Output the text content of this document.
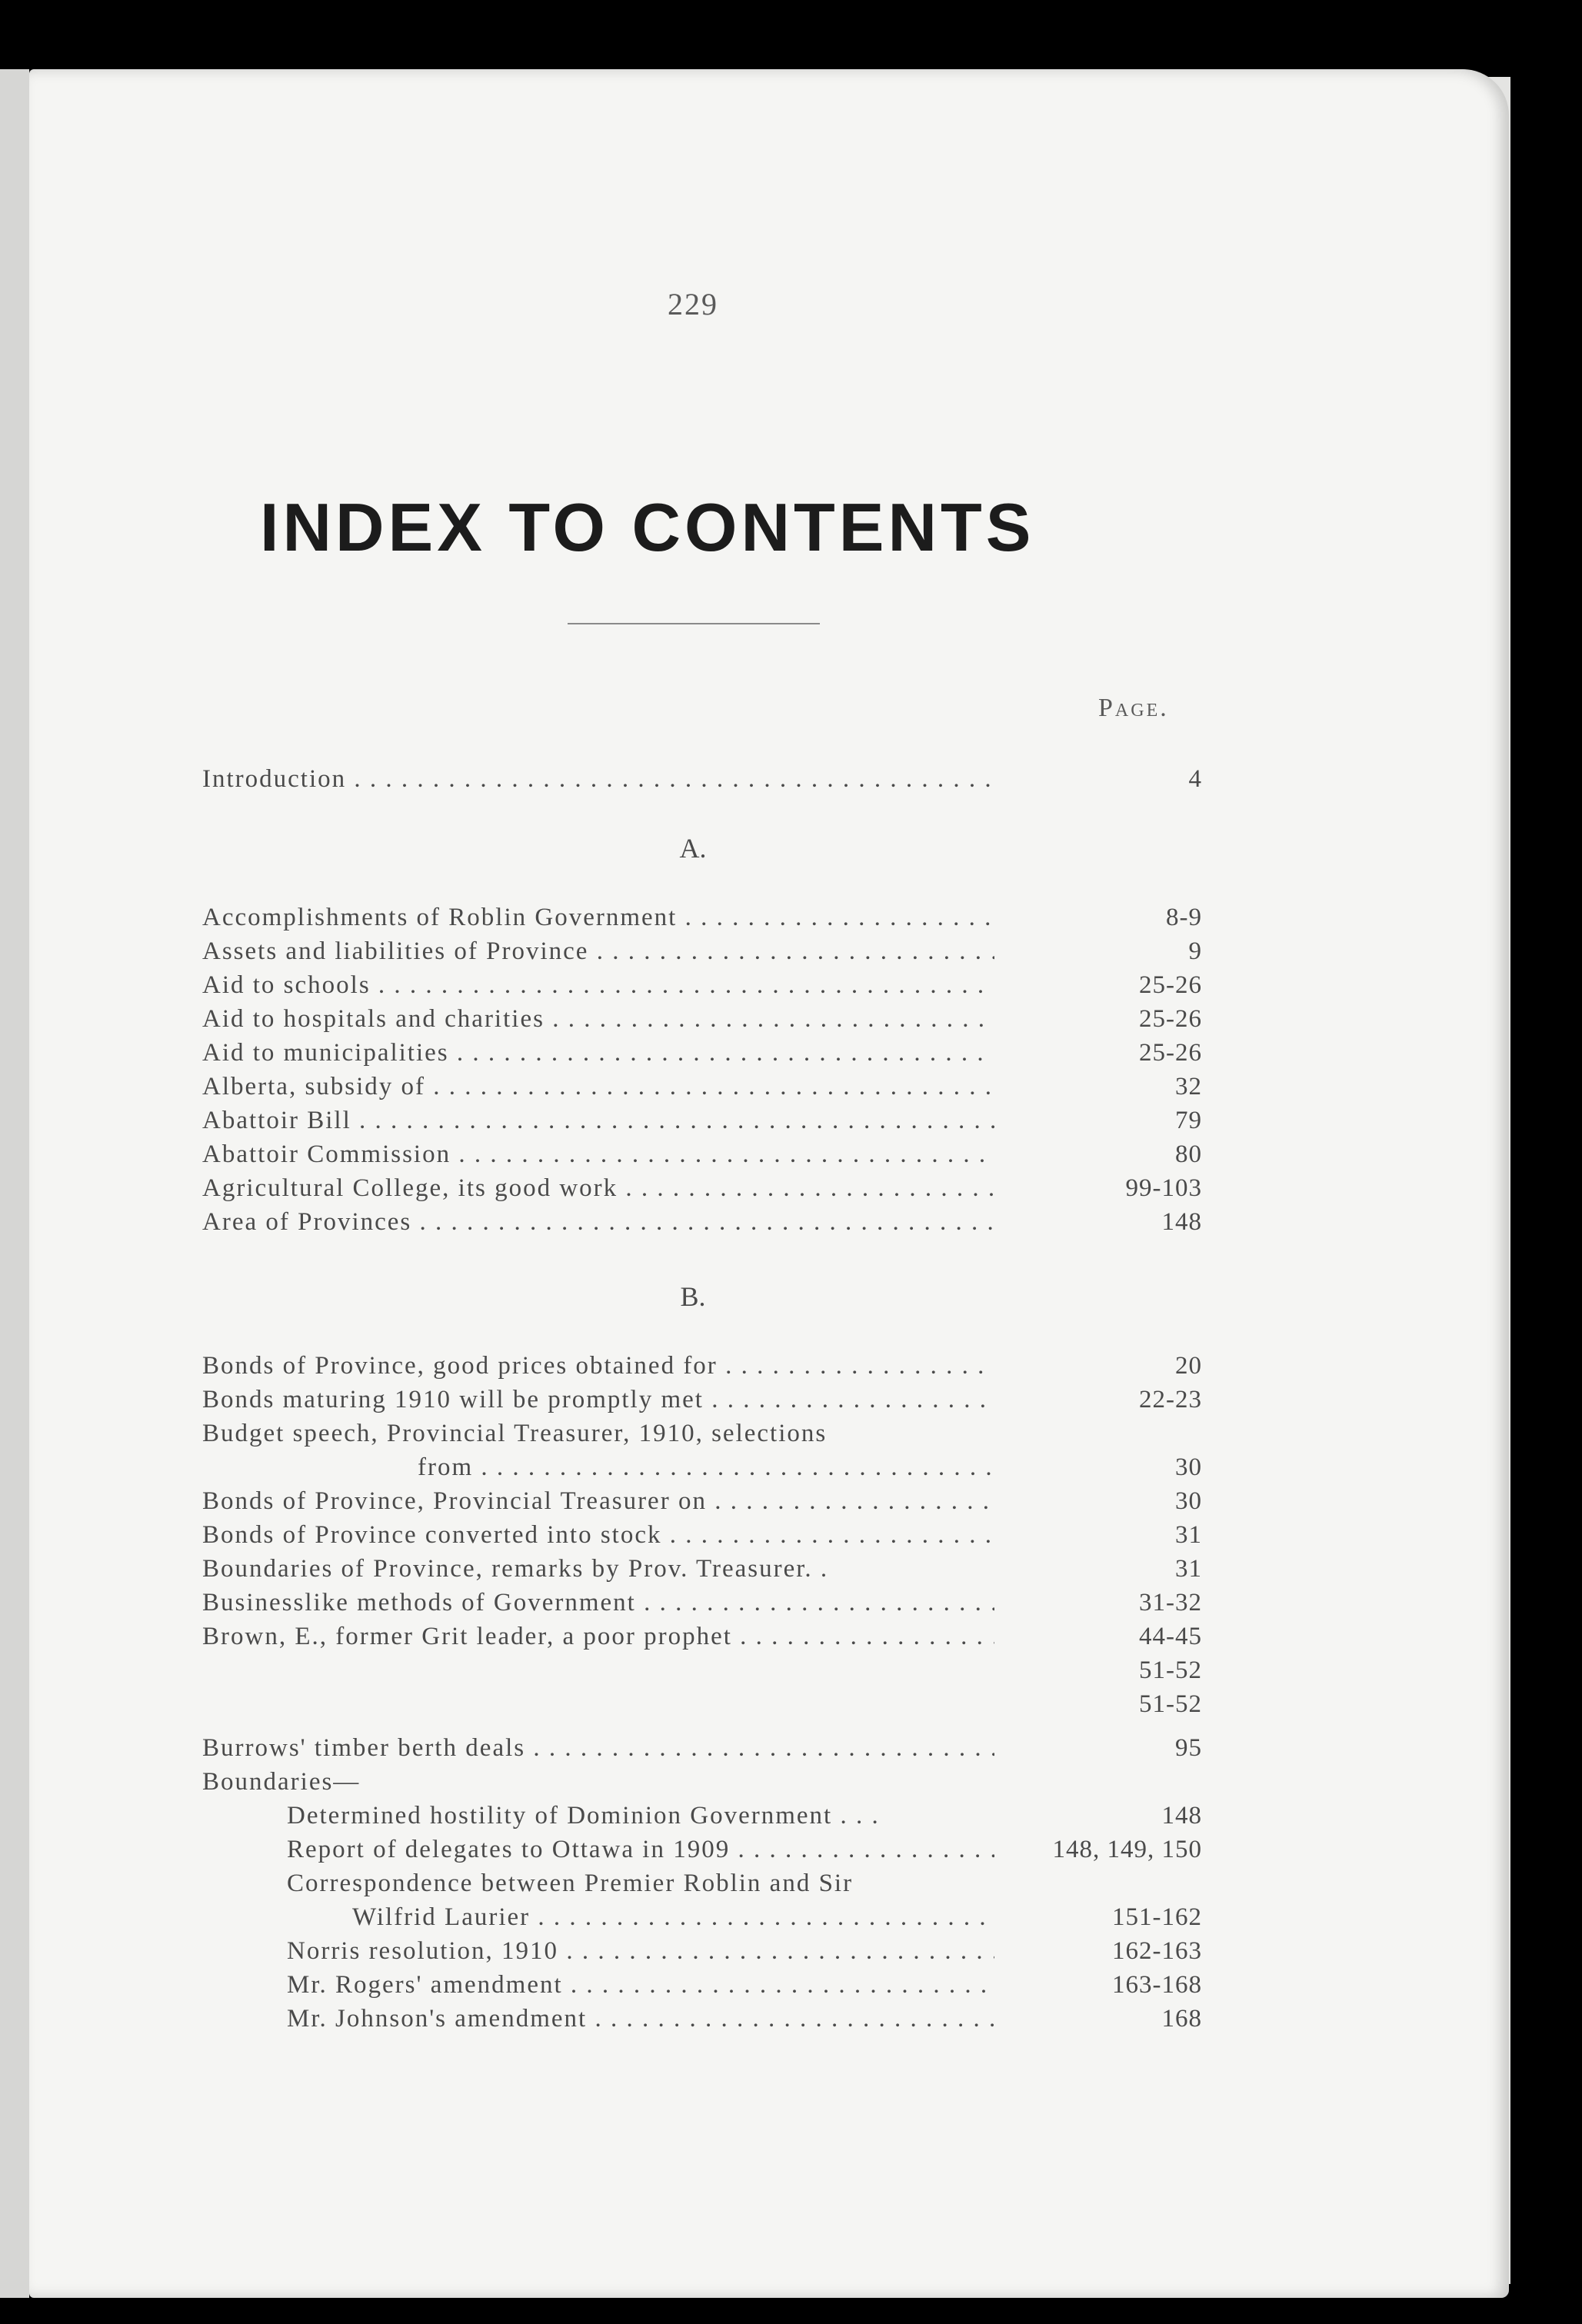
229
INDEX TO CONTENTS
Page.
Introduction . . .	4
A.
Accomplishments of Roblin Government . . .	8-9
Assets and liabilities of Province . . .	9
Aid to schools . . .	25-26
Aid to hospitals and charities . . .	25-26
Aid to municipalities . . .	25-26
Alberta, subsidy of . . .	32
Abattoir Bill . . .	79
Abattoir Commission . . .	80
Agricultural College, its good work . . .	99-103
Area of Provinces . . .	148
B.
Bonds of Province, good prices obtained for . . .	20
Bonds maturing 1910 will be promptly met . . .	22-23
Budget speech, Provincial Treasurer, 1910, selections
from . . .	30
Bonds of Province, Provincial Treasurer on . . .	30
Bonds of Province converted into stock . . .	31
Boundaries of Province, remarks by Prov. Treasurer. .	31
Businesslike methods of Government . . .	31-32
Brown, E., former Grit leader, a poor prophet . . .	44-45
51-52
51-52
Burrows' timber berth deals . . .	95
Boundaries—
Determined hostility of Dominion Government . . .	148
Report of delegates to Ottawa in 1909 . . .	148, 149, 150
Correspondence between Premier Roblin and Sir
Wilfrid Laurier . . .	151-162
Norris resolution, 1910 . . .	162-163
Mr. Rogers' amendment . . .	163-168
Mr. Johnson's amendment . . .	168
